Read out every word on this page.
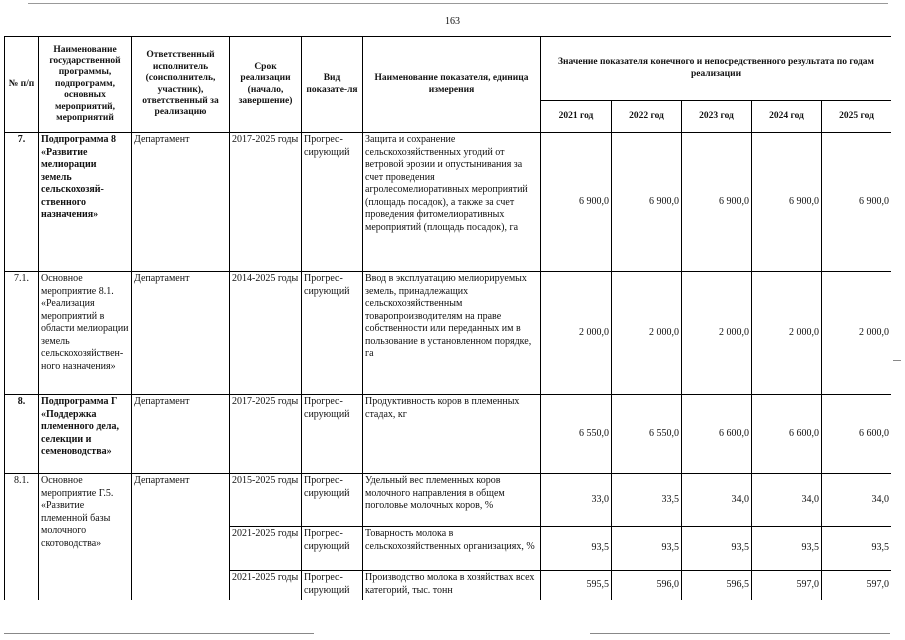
163
№ п/п	Наименование государственной программы, подпрограмм, основных мероприятий, мероприятий	Ответственный исполнитель (соисполнитель, участник), ответственный за реализацию	Срок реализации (начало, завершение)	Вид показате-ля	Наименование показателя, единица измерения	Значение показателя конечного и непосредственного результата по годам реализации				
						2021 год	2022 год	2023 год	2024 год	2025 год
7.	Подпрограмма 8 «Развитие мелиорации земель сельскохозяй-ственного назначения»	Департамент	2017-2025 годы	Прогрес-сирующий	Защита и сохранение сельскохозяйственных угодий от ветровой эрозии и опустынивания за счет проведения агролесомелиоративных мероприятий (площадь посадок), а также за счет проведения фитомелиоративных мероприятий (площадь посадок), га	6 900,0	6 900,0	6 900,0	6 900,0	6 900,0
7.1.	Основное мероприятие 8.1. «Реализация мероприятий в области мелиорации земель сельскохозяйствен-ного назначения»	Департамент	2014-2025 годы	Прогрес-сирующий	Ввод в эксплуатацию мелиорируемых земель, принадлежащих сельскохозяйственным товаропроизводителям на праве собственности или переданных им в пользование в установленном порядке, га	2 000,0	2 000,0	2 000,0	2 000,0	2 000,0
8.	Подпрограмма Г «Поддержка племенного дела, селекции и семеноводства»	Департамент	2017-2025 годы	Прогрес-сирующий	Продуктивность коров в племенных стадах, кг	6 550,0	6 550,0	6 600,0	6 600,0	6 600,0
8.1.	Основное мероприятие Г.5. «Развитие племенной базы молочного скотоводства»	Департамент	2015-2025 годы	Прогрес-сирующий	Удельный вес племенных коров молочного направления в общем поголовье молочных коров, %	33,0	33,5	34,0	34,0	34,0
			2021-2025 годы	Прогрес-сирующий	Товарность молока в сельскохозяйственных организациях, %	93,5	93,5	93,5	93,5	93,5
			2021-2025 годы	Прогрес-сирующий	Производство молока в хозяйствах всех категорий, тыс. тонн	595,5	596,0	596,5	597,0	597,0
